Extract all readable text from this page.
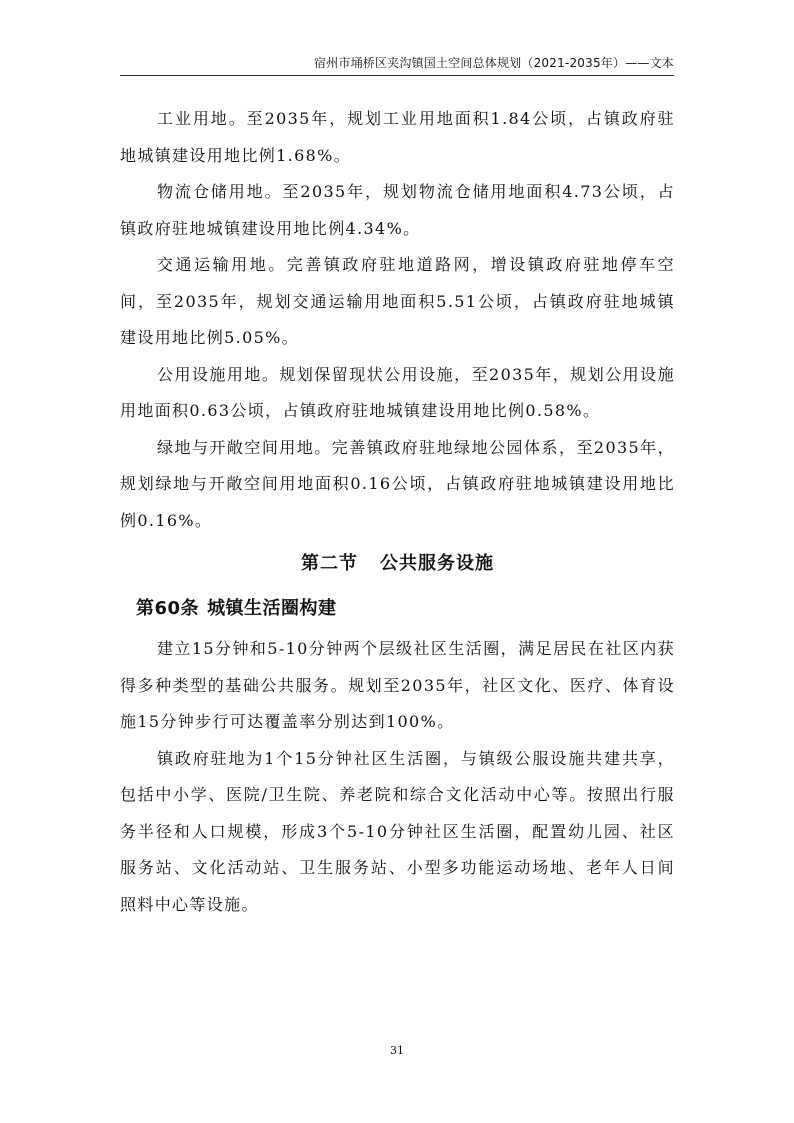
宿州市埇桥区夹沟镇国土空间总体规划（2021-2035年）——文本

工业用地。至2035年，规划工业用地面积1.84公顷，占镇政府驻地城镇建设用地比例1.68%。

物流仓储用地。至2035年，规划物流仓储用地面积4.73公顷，占镇政府驻地城镇建设用地比例4.34%。

交通运输用地。完善镇政府驻地道路网，增设镇政府驻地停车空间，至2035年，规划交通运输用地面积5.51公顷，占镇政府驻地城镇建设用地比例5.05%。

公用设施用地。规划保留现状公用设施，至2035年，规划公用设施用地面积0.63公顷，占镇政府驻地城镇建设用地比例0.58%。

绿地与开敞空间用地。完善镇政府驻地绿地公园体系，至2035年，规划绿地与开敞空间用地面积0.16公顷，占镇政府驻地城镇建设用地比例0.16%。

第二节 公共服务设施
第60条 城镇生活圈构建

建立15分钟和5-10分钟两个层级社区生活圈，满足居民在社区内获得多种类型的基础公共服务。规划至2035年，社区文化、医疗、体育设施15分钟步行可达覆盖率分别达到100%。

镇政府驻地为1个15分钟社区生活圈，与镇级公服设施共建共享，包括中小学、医院/卫生院、养老院和综合文化活动中心等。按照出行服务半径和人口规模，形成3个5-10分钟社区生活圈，配置幼儿园、社区服务站、文化活动站、卫生服务站、小型多功能运动场地、老年人日间照料中心等设施。

31
